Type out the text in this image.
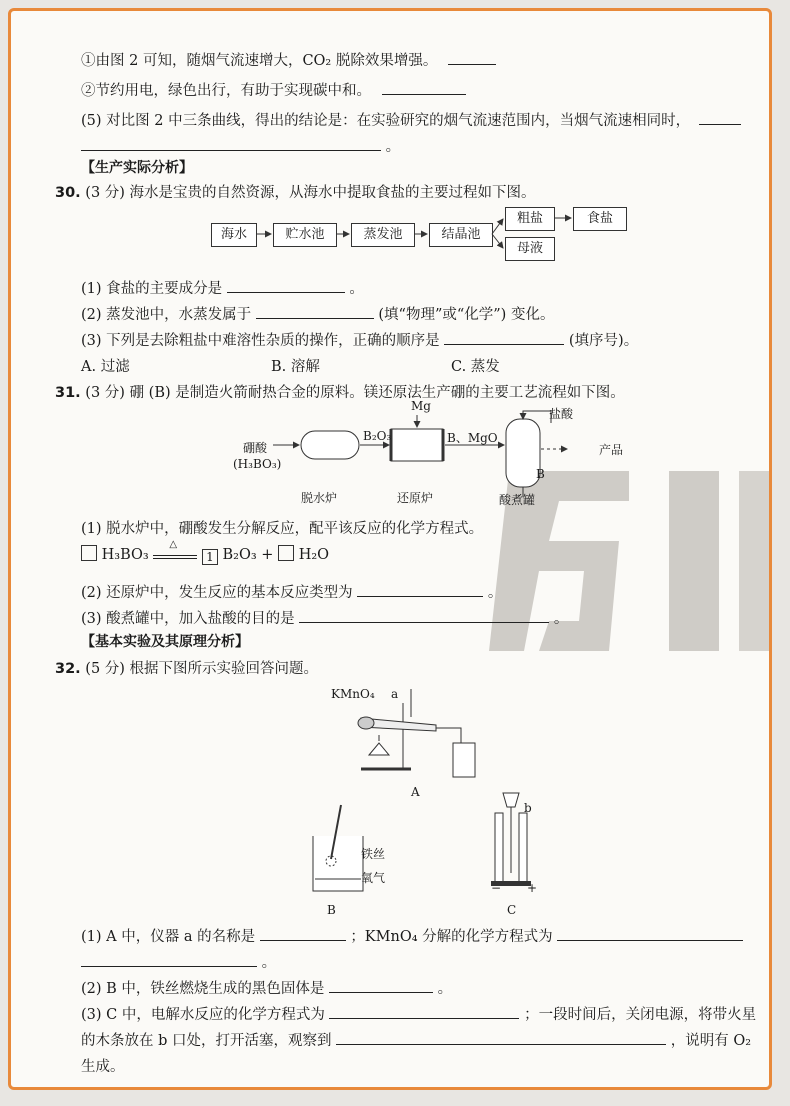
①由图 2 可知，随烟气流速增大，CO₂ 脱除效果增强。
②节约用电，绿色出行，有助于实现碳中和。
(5) 对比图 2 中三条曲线，得出的结论是：在实验研究的烟气流速范围内，当烟气流速相同时，
。
【生产实际分析】
30. (3 分) 海水是宝贵的自然资源，从海水中提取食盐的主要过程如下图。
海水	贮水池	蒸发池	结晶池
粗盐	食盐
母液
(1) 食盐的主要成分是	。
(2) 蒸发池中，水蒸发属于	(填“物理”或“化学”) 变化。
(3) 下列是去除粗盐中难溶性杂质的操作，正确的顺序是	(填序号)。
A. 过滤	B. 溶解	C. 蒸发
31. (3 分) 硼 (B) 是制造火箭耐热合金的原料。镁还原法生产硼的主要工艺流程如下图。
硼酸
(H₃BO₃)
B₂O₃
Mg
B、MgO
盐酸
产品
B
脱水炉	还原炉	酸煮罐
(1) 脱水炉中，硼酸发生分解反应，配平该反应的化学方程式。
H₃BO₃
△
1 B₂O₃ + H₂O
(2) 还原炉中，发生反应的基本反应类型为	。
(3) 酸煮罐中，加入盐酸的目的是	。
【基本实验及其原理分析】
32. (5 分) 根据下图所示实验回答问题。
KMnO₄ a
A
铁丝
氧气
B
b
− +
C
(1) A 中，仪器 a 的名称是	；KMnO₄ 分解的化学方程式为
。
(2) B 中，铁丝燃烧生成的黑色固体是	。
(3) C 中，电解水反应的化学方程式为	；一段时间后，关闭电源，将带火星
的木条放在 b 口处，打开活塞，观察到	，说明有 O₂
生成。
